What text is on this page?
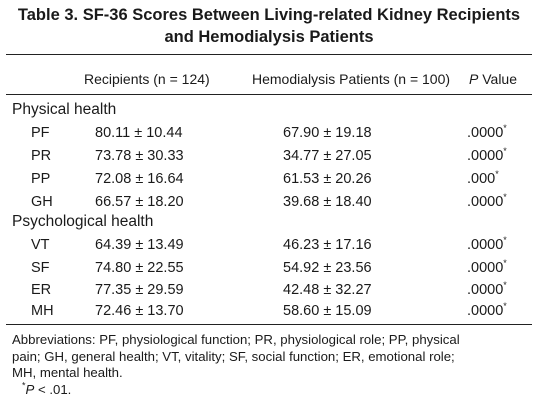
Table 3. SF-36 Scores Between Living-related Kidney Recipients
and Hemodialysis Patients
Recipients (n = 124)	Hemodialysis Patients (n = 100) P Value
Physical health
PF	80.11 ± 10.44	67.90 ± 19.18	.0000*
PR	73.78 ± 30.33	34.77 ± 27.05	.0000*
PP	72.08 ± 16.64	61.53 ± 20.26	.000*
GH	66.57 ± 18.20	39.68 ± 18.40	.0000*
Psychological health
VT	64.39 ± 13.49	46.23 ± 17.16	.0000*
SF	74.80 ± 22.55	54.92 ± 23.56	.0000*
ER	77.35 ± 29.59	42.48 ± 32.27	.0000*
MH	72.46 ± 13.70	58.60 ± 15.09	.0000*
Abbreviations: PF, physiological function; PR, physiological role; PP, physical
pain; GH, general health; VT, vitality; SF, social function; ER, emotional role;
MH, mental health.
*P < .01.
